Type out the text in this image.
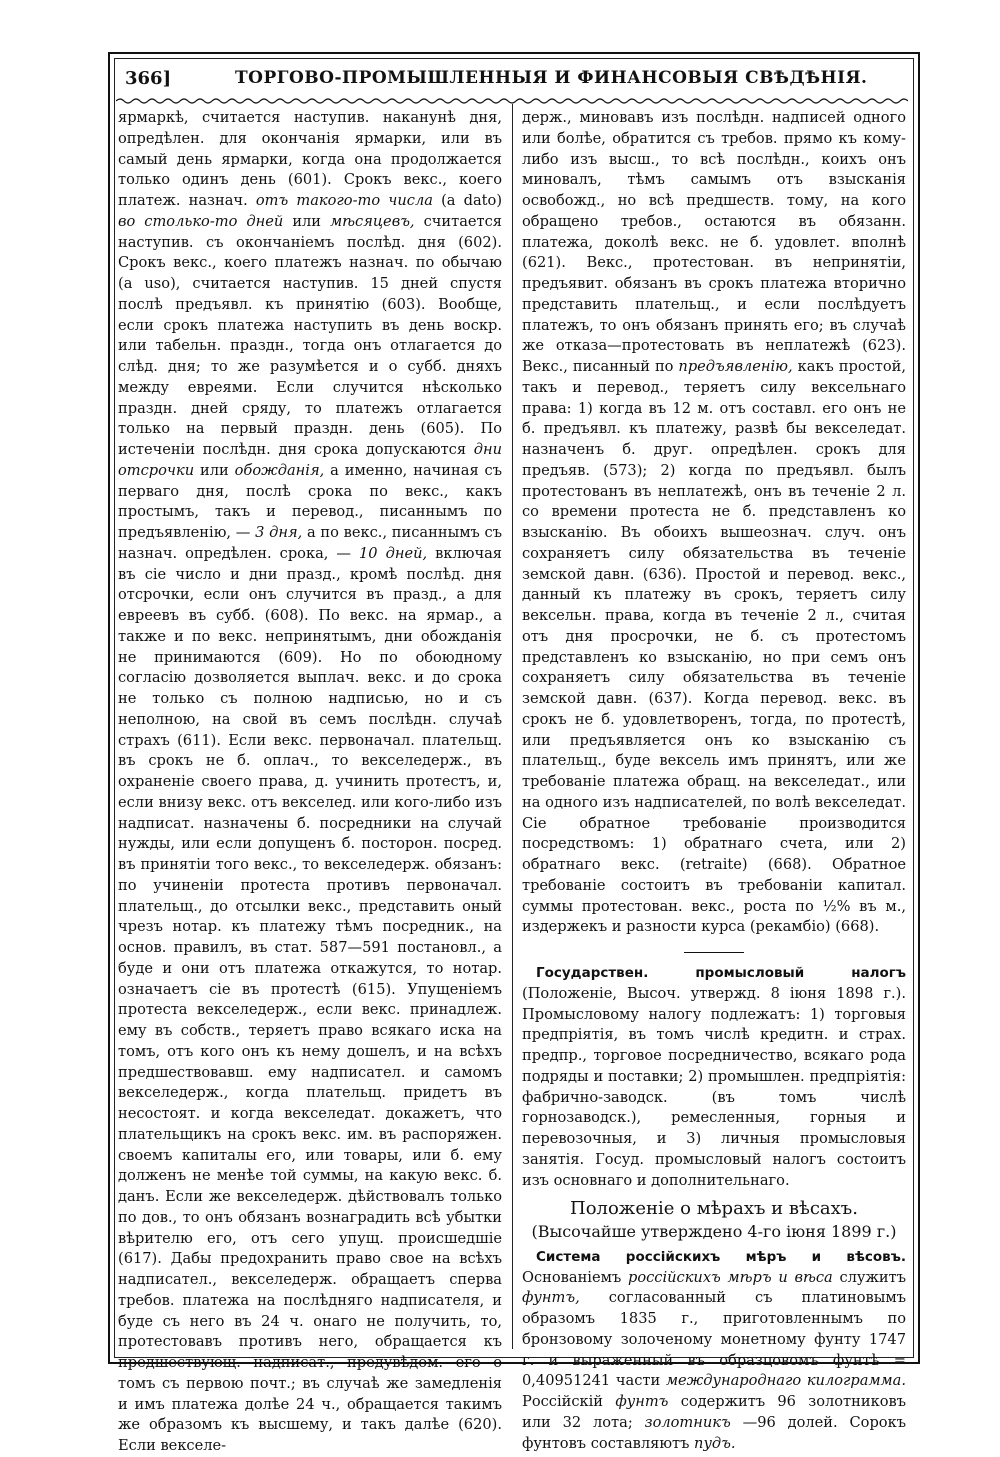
366]	ТОРГОВО-ПРОМЫШЛЕННЫЯ И ФИНАНСОВЫЯ СВѢДѢНІЯ.

ярмаркѣ, считается наступив. наканунѣ дня, опредѣлен. для окончанія ярмарки, или въ самый день ярмарки, когда она продолжается только одинъ день (601). Срокъ векс., коего платеж. назнач. отъ такого-то числа (a dato) во столько-то дней или мѣсяцевъ, считается наступив. съ окончаніемъ послѣд. дня (602). Срокъ векс., коего платежъ назнач. по обычаю (a uso), считается наступив. 15 дней спустя послѣ предъявл. къ принятію (603). Вообще, если срокъ платежа наступить въ день воскр. или табельн. праздн., тогда онъ отлагается до слѣд. дня; то же разумѣется и о субб. дняхъ между евреями. Если случится нѣсколько праздн. дней сряду, то платежъ отлагается только на первый праздн. день (605). По истеченіи послѣдн. дня срока допускаются дни отсрочки или обожданія, а именно, начиная съ перваго дня, послѣ срока по векс., какъ простымъ, такъ и перевод., писаннымъ по предъявленію, — 3 дня, а по векс., писаннымъ съ назнач. опредѣлен. срока, — 10 дней, включая въ сіе число и дни празд., кромѣ послѣд. дня отсрочки, если онъ случится въ празд., а для евреевъ въ субб. (608). По векс. на ярмар., а также и по векс. непринятымъ, дни обожданія не принимаются (609). Но по обоюдному согласію дозволяется выплач. векс. и до срока не только съ полною надписью, но и съ неполною, на свой въ семъ послѣдн. случаѣ страхъ (611). Если векс. первоначал. плательщ. въ срокъ не б. оплач., то векселедерж., въ охраненіе своего права, д. учинить протестъ, и, если внизу векс. отъ векселед. или кого-либо изъ надписат. назначены б. посредники на случай нужды, или если допущенъ б. посторон. посред. въ принятіи того векс., то векселедерж. обязанъ: по учиненіи протеста противъ первоначал. плательщ., до отсылки векс., представить оный чрезъ нотар. къ платежу тѣмъ посредник., на основ. правилъ, въ стат. 587—591 постановл., а буде и они отъ платежа откажутся, то нотар. означаетъ сіе въ протестѣ (615). Упущеніемъ протеста векселедерж., если векс. принадлеж. ему въ собств., теряетъ право всякаго иска на томъ, отъ кого онъ къ нему дошелъ, и на всѣхъ предшествовавш. ему надписател. и самомъ векселедерж., когда плательщ. придетъ въ несостоят. и когда векселедат. докажетъ, что плательщикъ на срокъ векс. им. въ распоряжен. своемъ капиталы его, или товары, или б. ему долженъ не менѣе той суммы, на какую векс. б. данъ. Если же векселедерж. дѣйствовалъ только по дов., то онъ обязанъ вознаградить всѣ убытки вѣрителю его, отъ сего упущ. происшедшіе (617). Дабы предохранить право свое на всѣхъ надписател., векселедерж. обращаетъ сперва требов. платежа на послѣдняго надписателя, и буде съ него въ 24 ч. онаго не получить, то, протестовавъ противъ него, обращается къ предшествующ. надписат., предувѣдом. его о томъ съ первою почт.; въ случаѣ же замедленія и имъ платежа долѣе 24 ч., обращается такимъ же образомъ къ высшему, и такъ далѣе (620). Если векселе-

держ., миновавъ изъ послѣдн. надписей одного или болѣе, обратится съ требов. прямо къ кому-либо изъ высш., то всѣ послѣдн., коихъ онъ миновалъ, тѣмъ самымъ отъ взысканія освобожд., но всѣ предшеств. тому, на кого обращено требов., остаются въ обязанн. платежа, доколѣ векс. не б. удовлет. вполнѣ (621). Векс., протестован. въ непринятіи, предъявит. обязанъ въ срокъ платежа вторично представить плательщ., и если послѣдуетъ платежъ, то онъ обязанъ принять его; въ случаѣ же отказа—протестовать въ неплатежѣ (623). Векс., писанный по предъявленію, какъ простой, такъ и перевод., теряетъ силу вексельнаго права: 1) когда въ 12 м. отъ составл. его онъ не б. предъявл. къ платежу, развѣ бы векселедат. назначенъ б. друг. опредѣлен. срокъ для предъяв. (573); 2) когда по предъявл. былъ протестованъ въ неплатежѣ, онъ въ теченіе 2 л. со времени протеста не б. представленъ ко взысканію. Въ обоихъ вышеознач. случ. онъ сохраняетъ силу обязательства въ теченіе земской давн. (636). Простой и перевод. векс., данный къ платежу въ срокъ, теряетъ силу вексельн. права, когда въ теченіе 2 л., считая отъ дня просрочки, не б. съ протестомъ представленъ ко взысканію, но при семъ онъ сохраняетъ силу обязательства въ теченіе земской давн. (637). Когда перевод. векс. въ срокъ не б. удовлетворенъ, тогда, по протестѣ, или предъявляется онъ ко взысканію съ плательщ., буде вексель имъ принятъ, или же требованіе платежа обращ. на векселедат., или на одного изъ надписателей, по волѣ векселедат. Сіе обратное требованіе производится посредствомъ: 1) обратнаго счета, или 2) обратнаго векс. (retraite) (668). Обратное требованіе состоитъ въ требованіи капитал. суммы протестован. векс., роста по ½% въ м., издержекъ и разности курса (рекамбіо) (668).

Государствен. промысловый налогъ (Положеніе, Высоч. утвержд. 8 іюня 1898 г.). Промысловому налогу подлежатъ: 1) торговыя предпріятія, въ томъ числѣ кредитн. и страх. предпр., торговое посредничество, всякаго рода подряды и поставки; 2) промышлен. предпріятія: фабрично-заводск. (въ томъ числѣ горнозаводск.), ремесленныя, горныя и перевозочныя, и 3) личныя промысловыя занятія. Госуд. промысловый налогъ состоитъ изъ основнаго и дополнительнаго.

Положеніе о мѣрахъ и вѣсахъ.
(Высочайше утверждено 4-го іюня 1899 г.)

Система россійскихъ мѣръ и вѣсовъ. Основаніемъ россійскихъ мѣръ и вѣса служитъ фунтъ, согласованный съ платиновымъ образомъ 1835 г., приготовленнымъ по бронзовому золоченому монетному фунту 1747 г. и выраженный въ образцовомъ фунтѣ = 0,40951241 части международнаго килограмма. Россійскій фунтъ содержитъ 96 золотниковъ или 32 лота; золотникъ —96 долей. Сорокъ фунтовъ составляютъ пудъ.
